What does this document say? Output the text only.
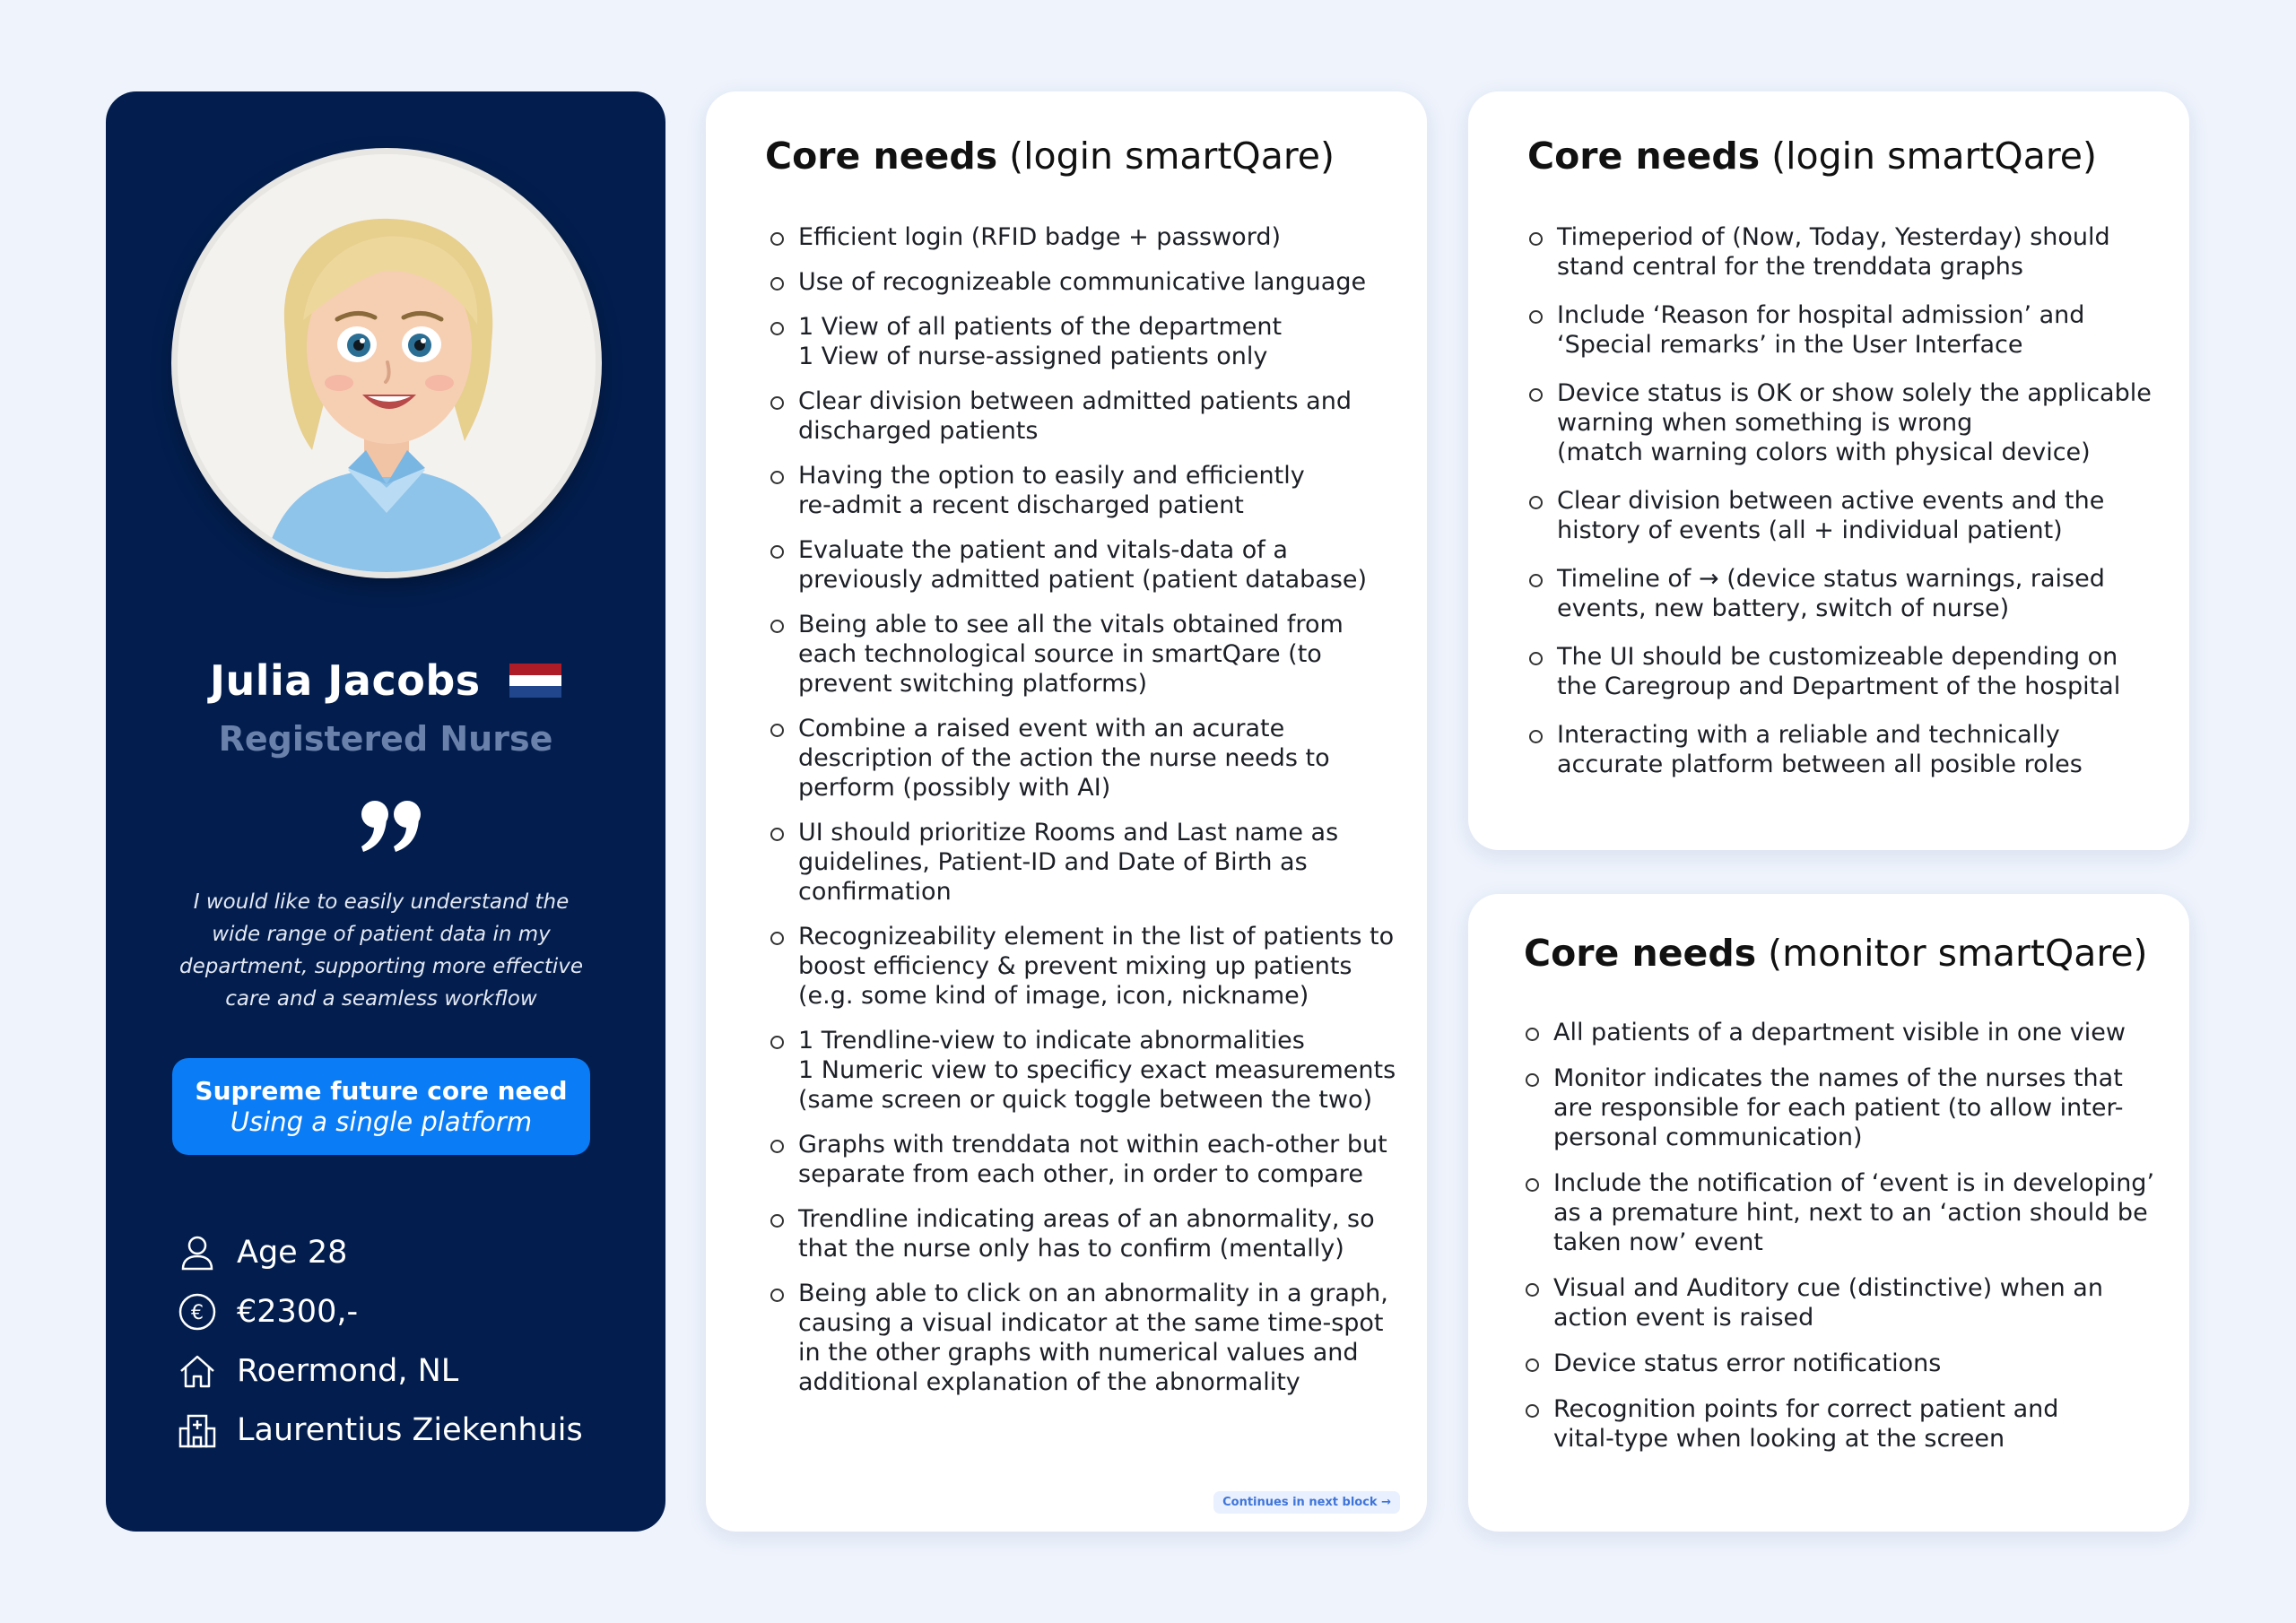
Julia Jacobs
Registered Nurse
I would like to easily understand the wide range of patient data in my department, supporting more effective care and a seamless workflow
Supreme future core need
Using a single platform
Age 28
€ €2300,-
Roermond, NL
Laurentius Ziekenhuis
Core needs (login smartQare)
Efficient login (RFID badge + password)
Use of recognizeable communicative language
1 View of all patients of the department
1 View of nurse-assigned patients only
Clear division between admitted patients and
discharged patients
Having the option to easily and efficiently
re-admit a recent discharged patient
Evaluate the patient and vitals-data of a
previously admitted patient (patient database)
Being able to see all the vitals obtained from
each technological source in smartQare (to
prevent switching platforms)
Combine a raised event with an acurate
description of the action the nurse needs to
perform (possibly with AI)
UI should prioritize Rooms and Last name as
guidelines, Patient-ID and Date of Birth as
confirmation
Recognizeability element in the list of patients to
boost efficiency & prevent mixing up patients
(e.g. some kind of image, icon, nickname)
1 Trendline-view to indicate abnormalities
1 Numeric view to specificy exact measurements
(same screen or quick toggle between the two)
Graphs with trenddata not within each-other but
separate from each other, in order to compare
Trendline indicating areas of an abnormality, so
that the nurse only has to confirm (mentally)
Being able to click on an abnormality in a graph,
causing a visual indicator at the same time-spot
in the other graphs with numerical values and
additional explanation of the abnormality
Continues in next block →
Core needs (login smartQare)
Timeperiod of (Now, Today, Yesterday) should
stand central for the trenddata graphs
Include ‘Reason for hospital admission’ and
‘Special remarks’ in the User Interface
Device status is OK or show solely the applicable
warning when something is wrong
(match warning colors with physical device)
Clear division between active events and the
history of events (all + individual patient)
Timeline of → (device status warnings, raised
events, new battery, switch of nurse)
The UI should be customizeable depending on
the Caregroup and Department of the hospital
Interacting with a reliable and technically
accurate platform between all posible roles
Core needs (monitor smartQare)
All patients of a department visible in one view
Monitor indicates the names of the nurses that
are responsible for each patient (to allow inter-
personal communication)
Include the notification of ‘event is in developing’
as a premature hint, next to an ‘action should be
taken now’ event
Visual and Auditory cue (distinctive) when an
action event is raised
Device status error notifications
Recognition points for correct patient and
vital-type when looking at the screen
